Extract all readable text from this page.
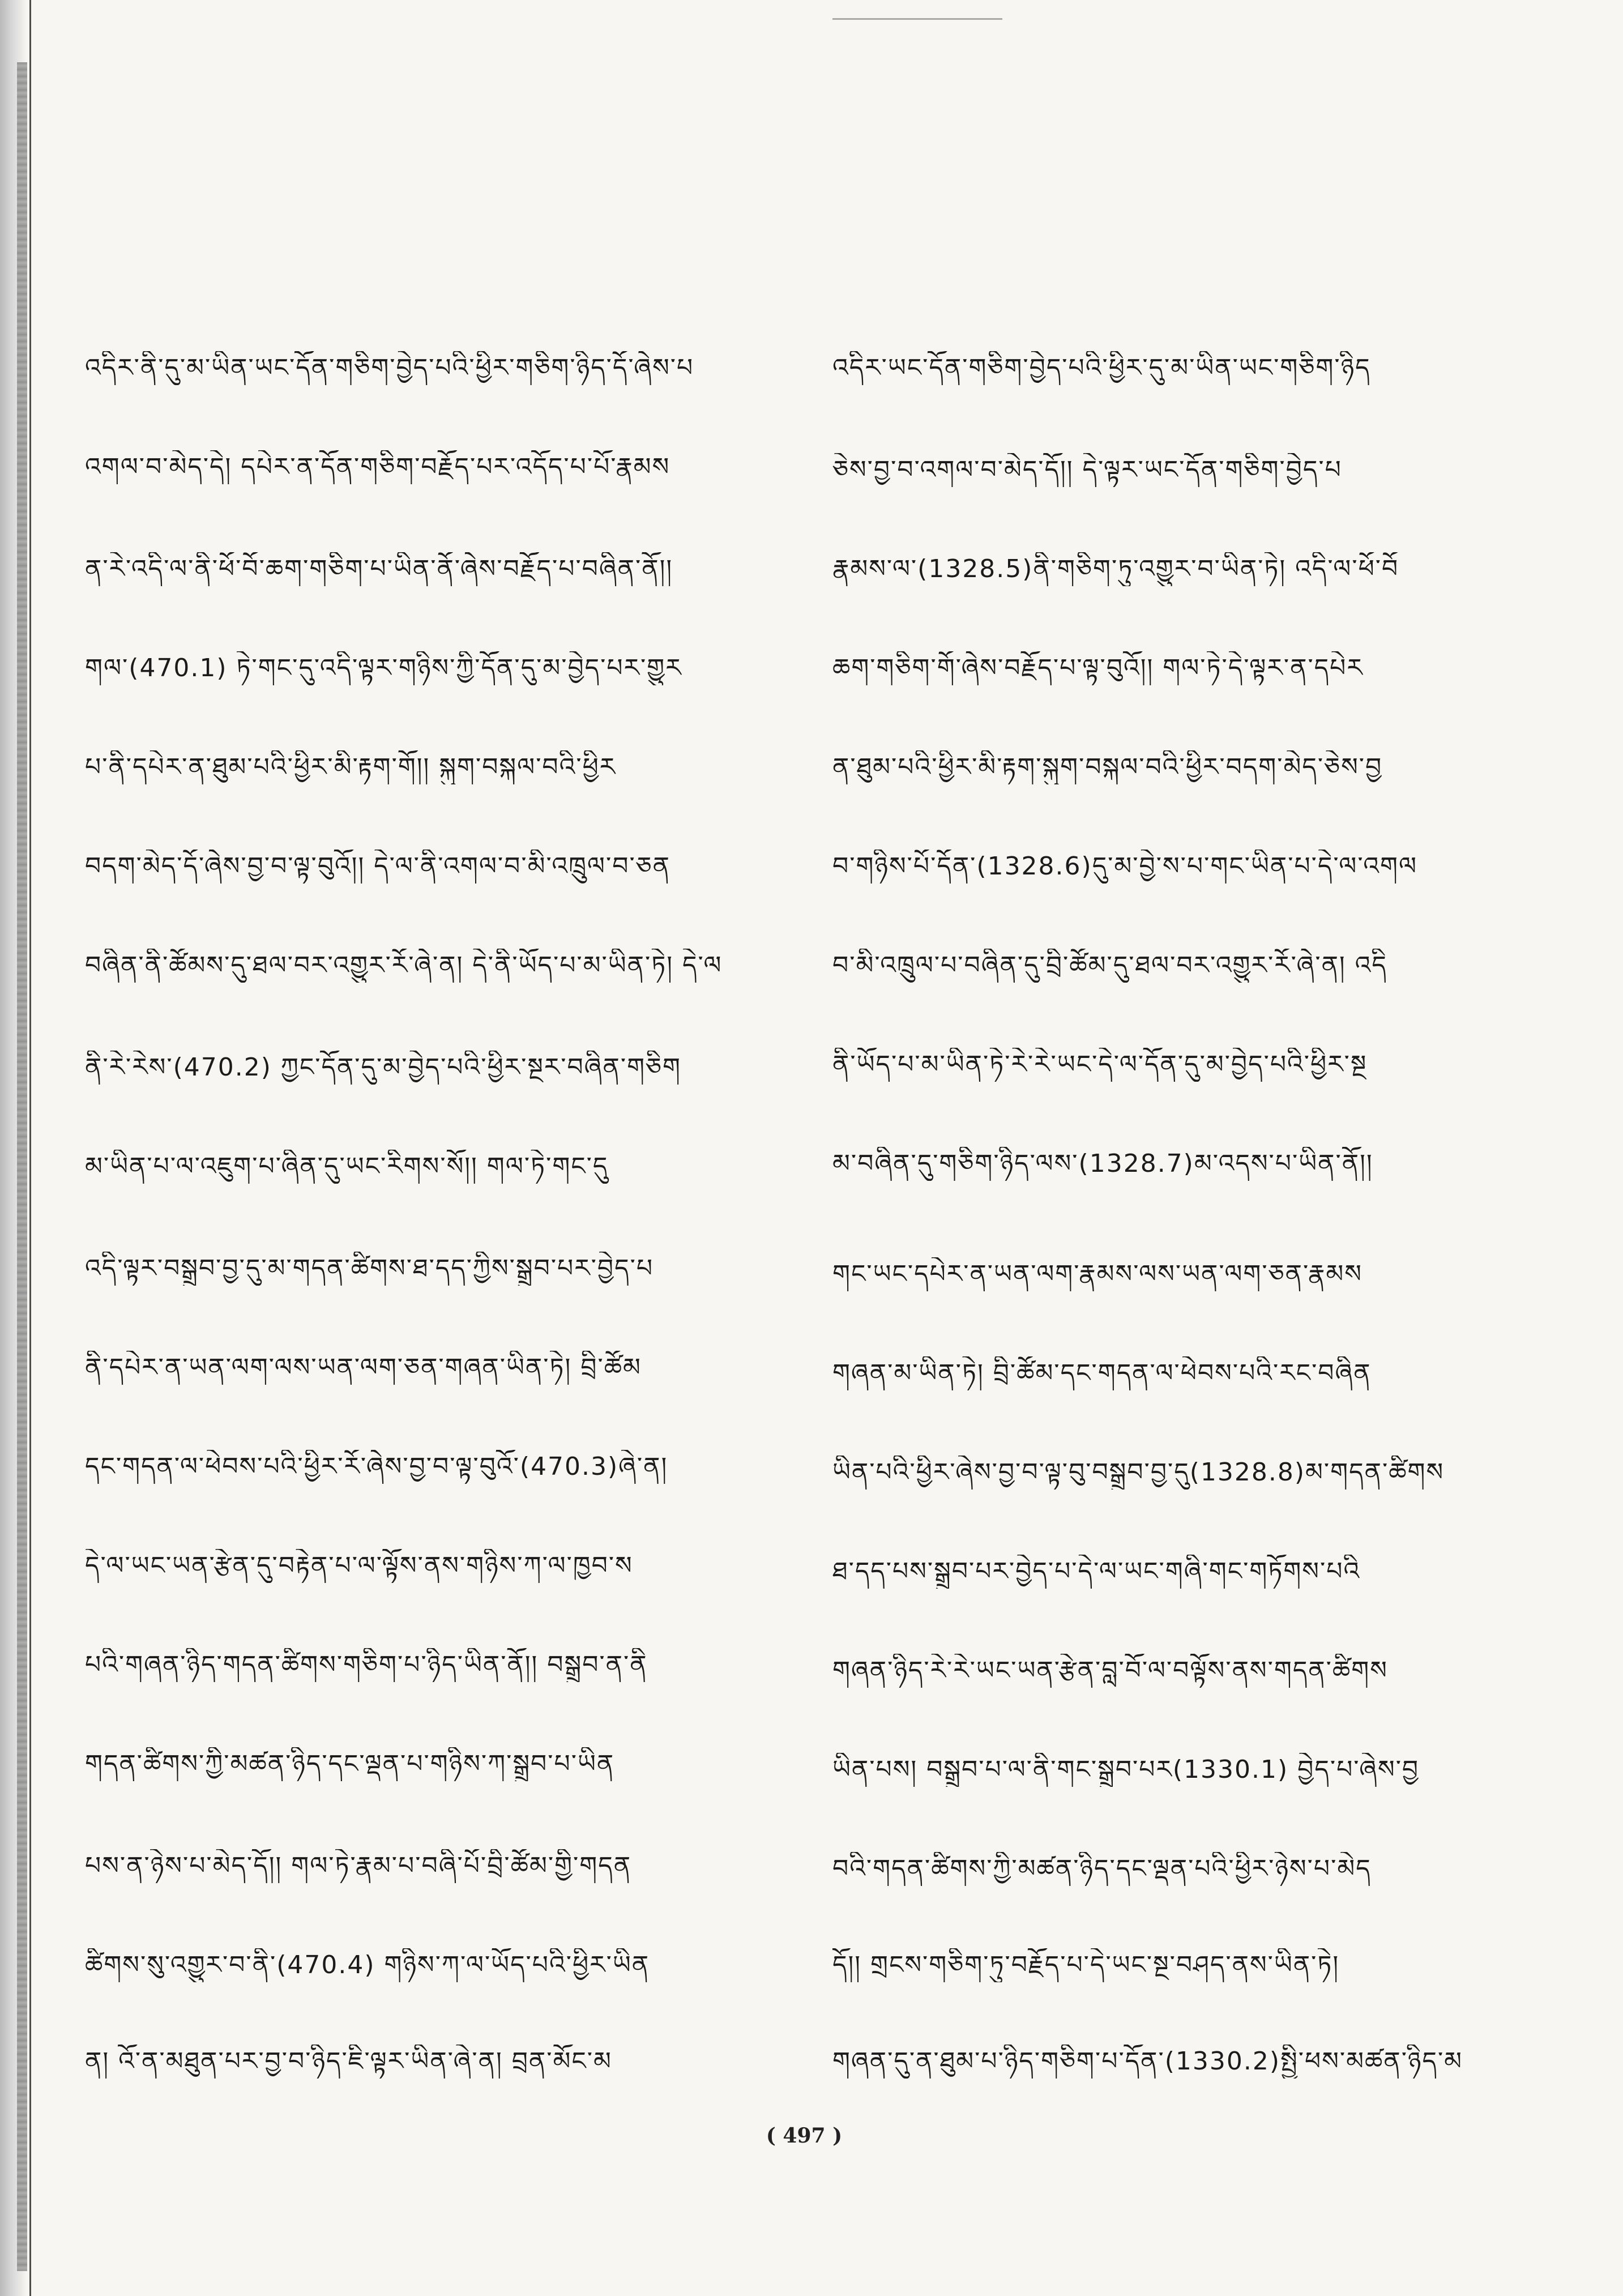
འདིར་ནི་དུ་མ་ཡིན་ཡང་དོན་གཅིག་བྱེད་པའི་ཕྱིར་གཅིག་ཉིད་དོ་ཞེས་པ
འགལ་བ་མེད་དེ། དཔེར་ན་དོན་གཅིག་བརྗོད་པར་འདོད་པ་པོ་རྣམས
ན་རེ་འདི་ལ་ནི་ཕོ་བོ་ཆག་གཅིག་པ་ཡིན་ནོ་ཞེས་བརྗོད་པ་བཞིན་ནོ།།
གལ་(470.1) ཏེ་གང་དུ་འདི་ལྟར་གཉིས་ཀྱི་དོན་དུ་མ་བྱེད་པར་གྱུར
པ་ནི་དཔེར་ན་ཐུམ་པའི་ཕྱིར་མི་རྟག་གོ།། སྐུག་བསྐལ་བའི་ཕྱིར
བདག་མེད་དོ་ཞེས་བྱ་བ་ལྟ་བུའོ།། དེ་ལ་ནི་འགལ་བ་མི་འཁྲུལ་བ་ཅན
བཞིན་ནི་ཚོམས་དུ་ཐལ་བར་འགྱུར་རོ་ཞེ་ན། དེ་ནི་ཡོད་པ་མ་ཡིན་ཏེ། དེ་ལ
ནི་རེ་རེས་(470.2) ཀྱང་དོན་དུ་མ་བྱེད་པའི་ཕྱིར་སྔར་བཞིན་གཅིག
མ་ཡིན་པ་ལ་འཇུག་པ་ཞིན་དུ་ཡང་རིགས་སོ།། གལ་ཏེ་གང་དུ
འདི་ལྟར་བསྒྲུབ་བྱ་དུ་མ་གདན་ཚིགས་ཐ་དད་ཀྱིས་སྒྲུབ་པར་བྱེད་པ
ནི་དཔེར་ན་ཡན་ལག་ལས་ཡན་ལག་ཅན་གཞན་ཡིན་ཏེ། བྲི་ཚོམ
དང་གདན་ལ་ཕེབས་པའི་ཕྱིར་རོ་ཞེས་བྱ་བ་ལྟ་བུའོ་(470.3)ཞེ་ན།
དེ་ལ་ཡང་ཡན་རྩེན་དུ་བརྟེན་པ་ལ་ལྟོས་ནས་གཉིས་ཀ་ལ་ཁྱབ་ས
པའི་གཞན་ཉིད་གདན་ཚིགས་གཅིག་པ་ཉིད་ཡིན་ནོ།། བསྒྲུབ་ན་ནི
གདན་ཚིགས་ཀྱི་མཚན་ཉིད་དང་ལྡན་པ་གཉིས་ཀ་སྒྲུབ་པ་ཡིན
པས་ན་ཉེས་པ་མེད་དོ།། གལ་ཏེ་རྣམ་པ་བཞི་པོ་བྲི་ཚོམ་གྱི་གདན
ཚིགས་སུ་འགྱུར་བ་ནི་(470.4) གཉིས་ཀ་ལ་ཡོད་པའི་ཕྱིར་ཡིན
ན། འོ་ན་མཐུན་པར་བྱ་བ་ཉིད་ཇི་ལྟར་ཡིན་ཞེ་ན། བྲན་མོང་མ
འདིར་ཡང་དོན་གཅིག་བྱེད་པའི་ཕྱིར་དུ་མ་ཡིན་ཡང་གཅིག་ཉིད
ཅེས་བྱ་བ་འགལ་བ་མེད་དོ།། དེ་ལྟར་ཡང་དོན་གཅིག་བྱེད་པ
རྣམས་ལ་(1328.5)ནི་གཅིག་ཏུ་འགྱུར་བ་ཡིན་ཏེ། འདི་ལ་ཕོ་བོ
ཆག་གཅིག་གོ་ཞེས་བརྗོད་པ་ལྟ་བུའོ།། གལ་ཏེ་དེ་ལྟར་ན་དཔེར
ན་ཐུམ་པའི་ཕྱིར་མི་རྟག་སྐུག་བསྐལ་བའི་ཕྱིར་བདག་མེད་ཅེས་བྱ
བ་གཉིས་པོ་དོན་(1328.6)དུ་མ་བྱེ་ས་པ་གང་ཡིན་པ་དེ་ལ་འགལ
བ་མི་འཁྲུལ་པ་བཞིན་དུ་བྲི་ཚོམ་དུ་ཐལ་བར་འགྱུར་རོ་ཞེ་ན། འདི
ནི་ཡོད་པ་མ་ཡིན་ཏེ་རེ་རེ་ཡང་དེ་ལ་དོན་དུ་མ་བྱེད་པའི་ཕྱིར་སྔ
མ་བཞིན་དུ་གཅིག་ཉིད་ལས་(1328.7)མ་འདས་པ་ཡིན་ནོ།།
གང་ཡང་དཔེར་ན་ཡན་ལག་རྣམས་ལས་ཡན་ལག་ཅན་རྣམས
གཞན་མ་ཡིན་ཏེ། བྲི་ཚོམ་དང་གདན་ལ་ཕེབས་པའི་རང་བཞིན
ཡིན་པའི་ཕྱིར་ཞེས་བྱ་བ་ལྟ་བུ་བསྒྲུབ་བྱ་དུ(1328.8)མ་གདན་ཚིགས
ཐ་དད་པས་སྒྲུབ་པར་བྱེད་པ་དེ་ལ་ཡང་གཞི་གང་གཏོགས་པའི
གཞན་ཉིད་རེ་རེ་ཡང་ཡན་རྩེན་བླ་བོ་ལ་བལྟོས་ནས་གདན་ཚིགས
ཡིན་པས། བསྒྲུབ་པ་ལ་ནི་གང་སྒྲུབ་པར(1330.1) བྱེད་པ་ཞེས་བྱ
བའི་གདན་ཚིགས་ཀྱི་མཚན་ཉིད་དང་ལྡན་པའི་ཕྱིར་ཉེས་པ་མེད
དོ།། གྲངས་གཅིག་ཏུ་བརྗོད་པ་དེ་ཡང་སྔ་བཤད་ནས་ཡིན་ཏེ།
གཞན་དུ་ན་ཐུམ་པ་ཉིད་གཅིག་པ་དོན་(1330.2)སྤྱི་ཕས་མཚན་ཉིད་མ
( 497 )
